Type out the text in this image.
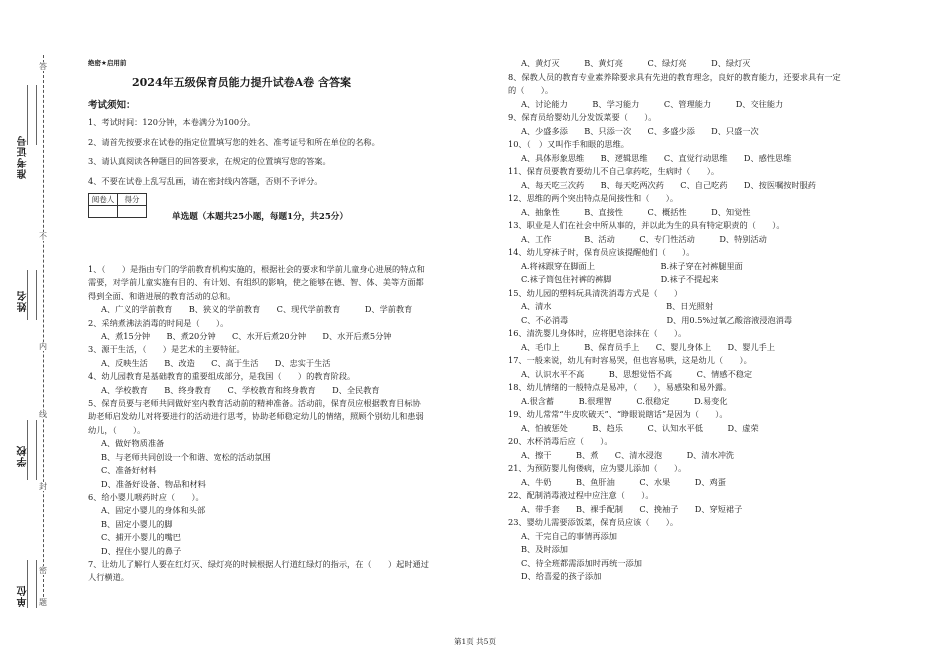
准考证号
姓名
学校
单位
答
不
内
线
封
密
题
绝密★启用前
2024年五级保育员能力提升试卷A卷 含答案
考试须知：
1、考试时间：120分钟，本卷满分为100分。
2、请首先按要求在试卷的指定位置填写您的姓名、准考证号和所在单位的名称。
3、请认真阅读各种题目的回答要求，在规定的位置填写您的答案。
4、不要在试卷上乱写乱画，请在密封线内答题，否则不予评分。
阅卷人	得分

单选题（本题共25小题，每题1分，共25分）

1、（　　）是指由专门的学前教育机构实施的，根据社会的要求和学前儿童身心进展的特点和

需要，对学前儿童实施有目的、有计划、有组织的影响，使之能够在德、智、体、美等方面都

得到全面、和谐进展的教育活动的总和。

A、广义的学前教育　　B、狭义的学前教育　　C、现代学前教育　　　D、学前教育

2、采纳煮沸法消毒的时间是（　　）。

A、煮15分钟　　B、煮20分钟　　C、水开后煮20分钟　　D、水开后煮5分钟

3、源于生活，（　　）是艺术的主要特征。

A、反映生活　　B、改造　　C、高于生活　　D、忠实于生活

4、幼儿园教育是基础教育的重要组成部分，是我国（　　）的教育阶段。

A、学校教育　　B、终身教育　　C、学校教育和终身教育　　D、全民教育

5、保育员要与老师共同做好室内教育活动前的精神准备。活动前，保育员应根据教育目标协

助老师启发幼儿对将要进行的活动进行思考，协助老师稳定幼儿的情绪，照顾个别幼儿和患弱

幼儿，（　　）。

A、做好物质准备

B、与老师共同创设一个和谐、宽松的活动氛围

C、准备好材料

D、准备好设备、物品和材料

6、给小婴儿喂药时应（　　）。

A、固定小婴儿的身体和头部

B、固定小婴儿的脚

C、捕开小婴儿的嘴巴

D、捏住小婴儿的鼻子

7、让幼儿了解行人要在红灯灭、绿灯亮的时候根据人行道红绿灯的指示，在（　　）起时通过

人行横道。

A、黄灯灭　　　B、黄灯亮　　　C、绿灯亮　　　D、绿灯灭

8、保教人员的教育专业素养除要求具有先进的教育理念，良好的教育能力，还要求具有一定

的（　　）。

A、讨论能力　　　B、学习能力　　　C、管理能力　　　D、交往能力

9、保育员给婴幼儿分发饭菜要（　　）。

A、少盛多添　　B、只添一次　　C、多盛少添　　D、只盛一次

10、（　）又叫作手和眼的思维。

A、具体形象思维　　B、逻辑思维　　C、直觉行动思维　　D、感性思维

11、保育员要教育要幼儿不自己拿药吃，生病时（　　）。

A、每天吃三次药　　B、每天吃两次药　　C、自己吃药　　D、按医嘱按时服药

12、思维的两个突出特点是间接性和（　　）。

A、抽象性　　　B、直接性　　　C、概括性　　　D、知觉性

13、职业是人们在社会中所从事的，并以此为生的具有特定职责的（　　）。

A、工作　　　　B、活动　　　C、专门性活动　　　D、特别活动

14、幼儿穿袜子时，保育员应该提醒他们（　　）。

A.将袜跟穿在脚面上　　　　　　　　B.袜子穿在衬裤腿里面

C.袜子筒包住衬裤的裤脚　　　　　　D.袜子不提起来

15、幼儿园的塑料玩具清洗消毒方式是（　　）

A、清水　　　　　　　　　　　　　　B、日光照射

C、不必消毒　　　　　　　　　　　　D、用0.5%过氧乙酸溶液浸泡消毒

16、清洗婴儿身体时，应将肥皂涂抹在（　　）。

A、毛巾上　　　B、保育员手上　　C、婴儿身体上　　D、婴儿手上

17、一般来说，幼儿有时容易哭，但也容易哄，这是幼儿（　　）。

A、认识水平不高　　　B、思想觉悟不高　　　C、情感不稳定

18、幼儿情绪的一般特点是易冲，（　　），易感染和易外露。

A.很含蓄　　　B.很理智　　　C.很稳定　　　D.易变化

19、幼儿常常“牛皮吹破天”、“睁眼说瞎话”是因为（　　）。

A、怕被惩处　　　B、趋乐　　　C、认知水平低　　　D、虚荣

20、水杯消毒后应（　　）。

A、擦干　　　B、煮　　C、清水浸泡　　　D、清水冲洗

21、为预防婴儿佝偻病，应为婴儿添加（　　）。

A、牛奶　　　B、鱼肝油　　　C、水果　　　D、鸡蛋

22、配制消毒液过程中应注意（　　）。

A、带手套　　B、裸手配制　　C、挽袖子　　D、穿短裙子

23、婴幼儿需要添饭菜，保育员应该（　　）。

A、干完自己的事情再添加

B、及时添加

C、待全班都需添加时再统一添加

D、给喜爱的孩子添加

第1页 共5页
